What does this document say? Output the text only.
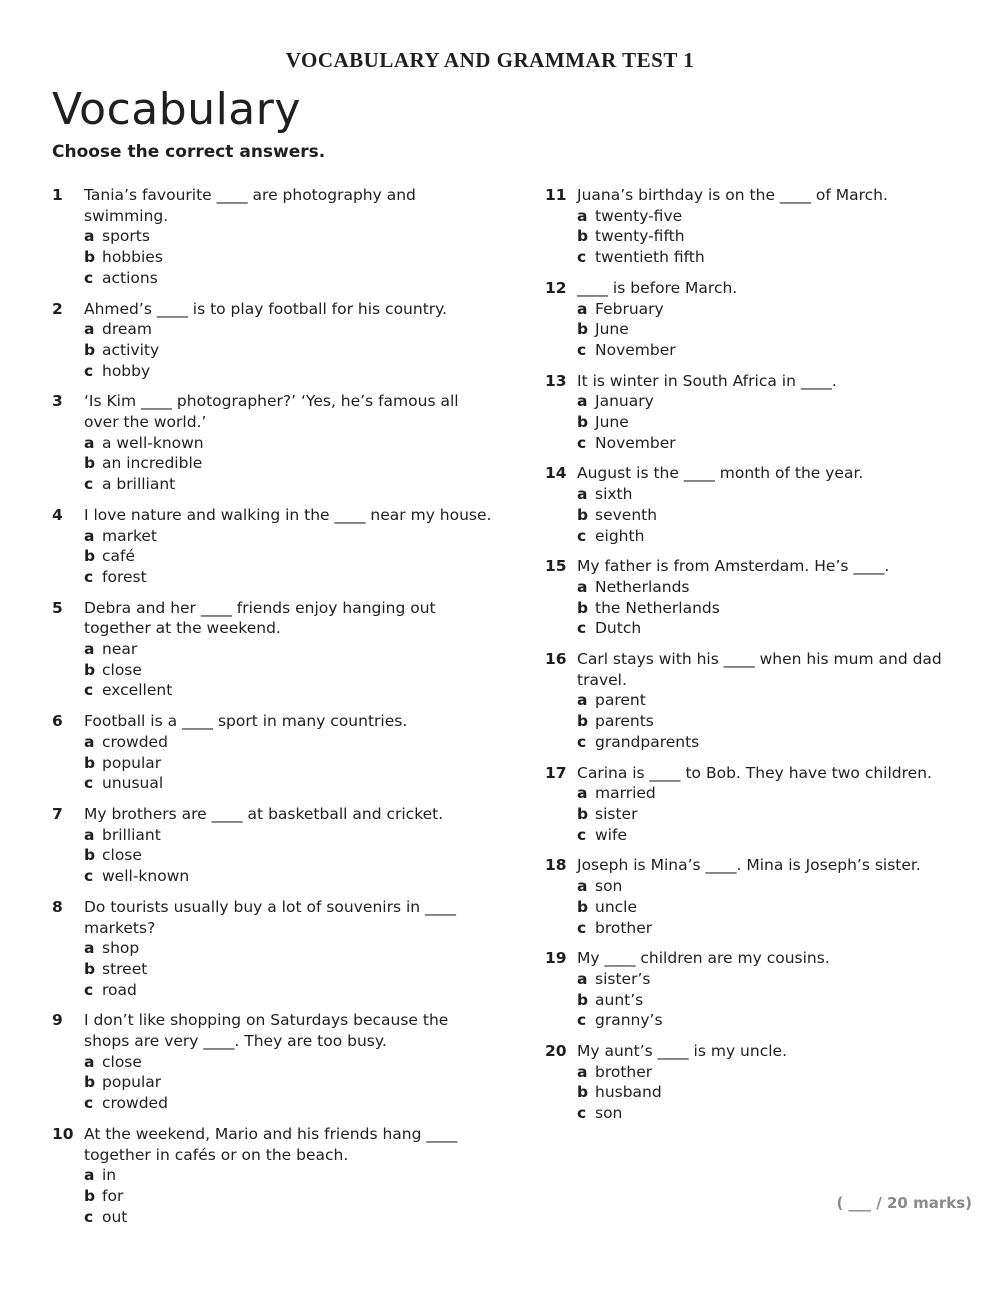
VOCABULARY AND GRAMMAR TEST 1
Vocabulary
Choose the correct answers.
1	Tania’s favourite ____ are photography and swimming.
a sports
b hobbies
c actions
2	Ahmed’s ____ is to play football for his country.
a dream
b activity
c hobby
3	‘Is Kim ____ photographer?’ ‘Yes, he’s famous all over the world.’
a a well-known
b an incredible
c a brilliant
4	I love nature and walking in the ____ near my house.
a market
b café
c forest
5	Debra and her ____ friends enjoy hanging out together at the weekend.
a near
b close
c excellent
6	Football is a ____ sport in many countries.
a crowded
b popular
c unusual
7	My brothers are ____ at basketball and cricket.
a brilliant
b close
c well-known
8	Do tourists usually buy a lot of souvenirs in ____ markets?
a shop
b street
c road
9	I don’t like shopping on Saturdays because the shops are very ____. They are too busy.
a close
b popular
c crowded
10 At the weekend, Mario and his friends hang ____ together in cafés or on the beach.
a in
b for
c out
11 Juana’s birthday is on the ____ of March.
a twenty-five
b twenty-fifth
c twentieth fifth
12 ____ is before March.
a February
b June
c November
13 It is winter in South Africa in ____.
a January
b June
c November
14 August is the ____ month of the year.
a sixth
b seventh
c eighth
15 My father is from Amsterdam. He’s ____.
a Netherlands
b the Netherlands
c Dutch
16 Carl stays with his ____ when his mum and dad travel.
a parent
b parents
c grandparents
17 Carina is ____ to Bob. They have two children.
a married
b sister
c wife
18 Joseph is Mina’s ____. Mina is Joseph’s sister.
a son
b uncle
c brother
19 My ____ children are my cousins.
a sister’s
b aunt’s
c granny’s
20 My aunt’s ____ is my uncle.
a brother
b husband
c son
( ___ / 20 marks)
